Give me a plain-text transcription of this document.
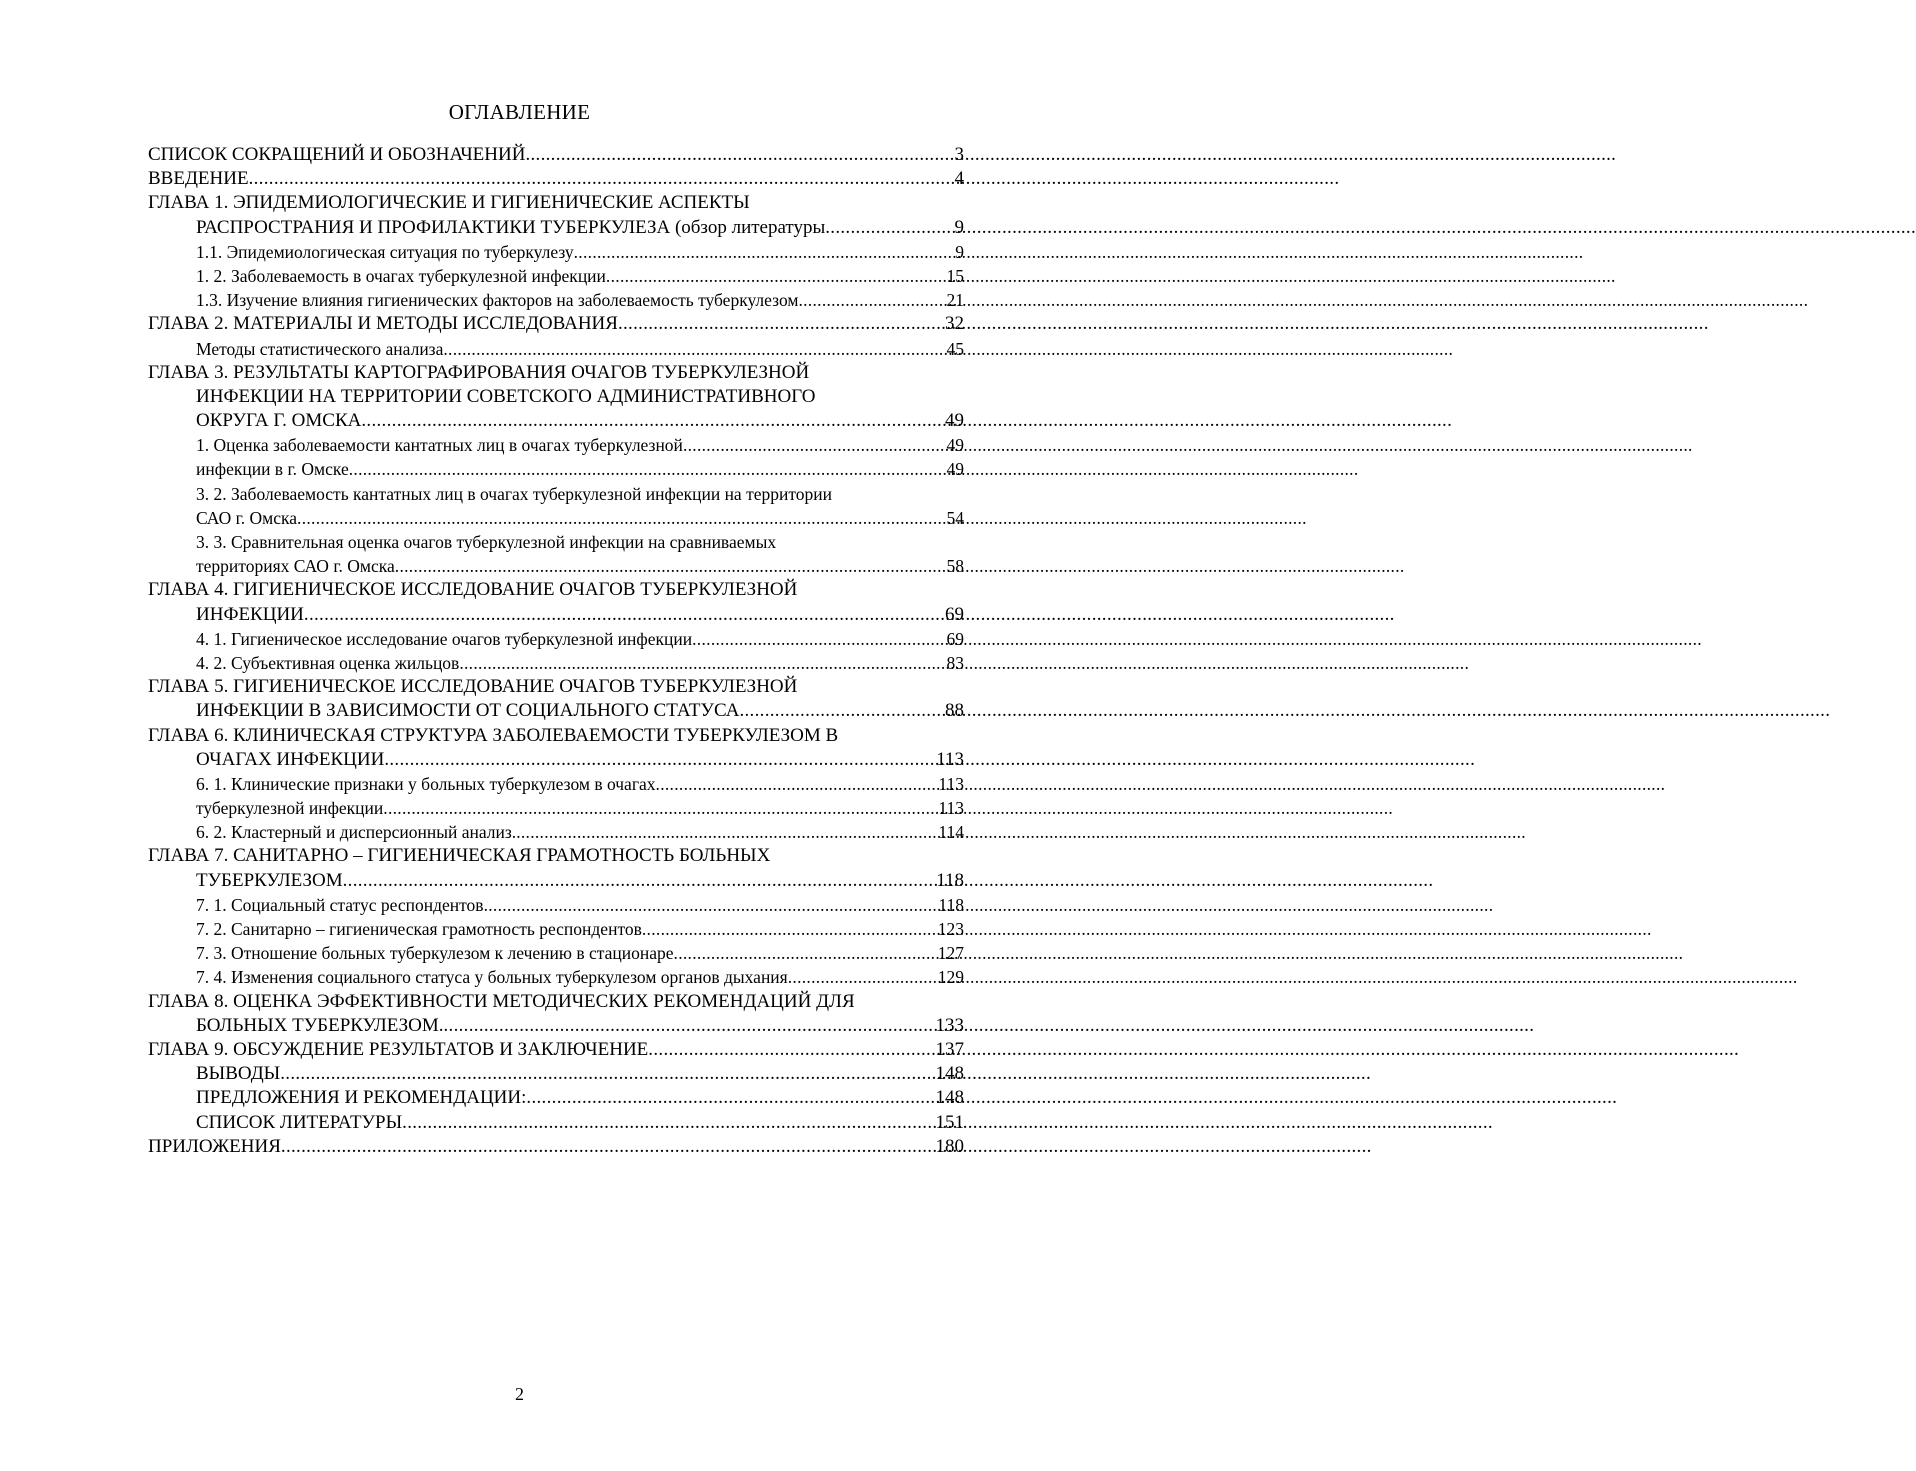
ОГЛАВЛЕНИЕ
СПИСОК СОКРАЩЕНИЙ И ОБОЗНАЧЕНИЙ .....	3
ВВЕДЕНИЕ .....	4
ГЛАВА 1. ЭПИДЕМИОЛОГИЧЕСКИЕ И ГИГИЕНИЧЕСКИЕ АСПЕКТЫ
РАСПРОСТРАНИЯ И ПРОФИЛАКТИКИ ТУБЕРКУЛЕЗА (обзор литературы .....	9
1.1. Эпидемиологическая ситуация по туберкулезу .....	9
1. 2. Заболеваемость в очагах туберкулезной инфекции .....	15
1.3. Изучение влияния гигиенических факторов на заболеваемость туберкулезом .....	21
ГЛАВА 2. МАТЕРИАЛЫ И МЕТОДЫ ИССЛЕДОВАНИЯ .....	32
Методы статистического анализа .....	45
ГЛАВА 3. РЕЗУЛЬТАТЫ КАРТОГРАФИРОВАНИЯ ОЧАГОВ ТУБЕРКУЛЕЗНОЙ
ИНФЕКЦИИ НА ТЕРРИТОРИИ СОВЕТСКОГО АДМИНИСТРАТИВНОГО
ОКРУГА Г. ОМСКА .....	49
1. Оценка заболеваемости кантатных лиц в очагах туберкулезной .....	49
инфекции в г. Омске .....	49
3. 2. Заболеваемость кантатных лиц в очагах туберкулезной инфекции на территории
САО г. Омска .....	54
3. 3. Сравнительная оценка очагов туберкулезной инфекции на сравниваемых
территориях САО г. Омска .....	58
ГЛАВА 4. ГИГИЕНИЧЕСКОЕ ИССЛЕДОВАНИЕ ОЧАГОВ ТУБЕРКУЛЕЗНОЙ
ИНФЕКЦИИ .....	69
4. 1. Гигиеническое исследование очагов туберкулезной инфекции .....	69
4. 2. Субъективная оценка жильцов .....	83
ГЛАВА 5. ГИГИЕНИЧЕСКОЕ ИССЛЕДОВАНИЕ ОЧАГОВ ТУБЕРКУЛЕЗНОЙ
ИНФЕКЦИИ В ЗАВИСИМОСТИ ОТ СОЦИАЛЬНОГО СТАТУСА .....	88
ГЛАВА 6. КЛИНИЧЕСКАЯ СТРУКТУРА ЗАБОЛЕВАЕМОСТИ ТУБЕРКУЛЕЗОМ В
ОЧАГАХ ИНФЕКЦИИ .....	113
6. 1. Клинические признаки у больных туберкулезом в очагах .....	113
туберкулезной инфекции .....	113
6. 2. Кластерный и дисперсионный анализ. .....	114
ГЛАВА 7. САНИТАРНО – ГИГИЕНИЧЕСКАЯ ГРАМОТНОСТЬ БОЛЬНЫХ
ТУБЕРКУЛЕЗОМ .....	118
7. 1. Социальный статус респондентов .....	118
7. 2. Санитарно – гигиеническая грамотность респондентов .....	123
7. 3. Отношение больных туберкулезом к лечению в стационаре .....	127
7. 4. Изменения социального статуса у больных туберкулезом органов дыхания .....	129
ГЛАВА 8. ОЦЕНКА ЭФФЕКТИВНОСТИ МЕТОДИЧЕСКИХ РЕКОМЕНДАЦИЙ ДЛЯ
БОЛЬНЫХ ТУБЕРКУЛЕЗОМ. .....	133
ГЛАВА 9. ОБСУЖДЕНИЕ РЕЗУЛЬТАТОВ И ЗАКЛЮЧЕНИЕ .....	137
ВЫВОДЫ .....	148
ПРЕДЛОЖЕНИЯ И РЕКОМЕНДАЦИИ: .....	148
СПИСОК ЛИТЕРАТУРЫ .....	151
ПРИЛОЖЕНИЯ .....	180
2
